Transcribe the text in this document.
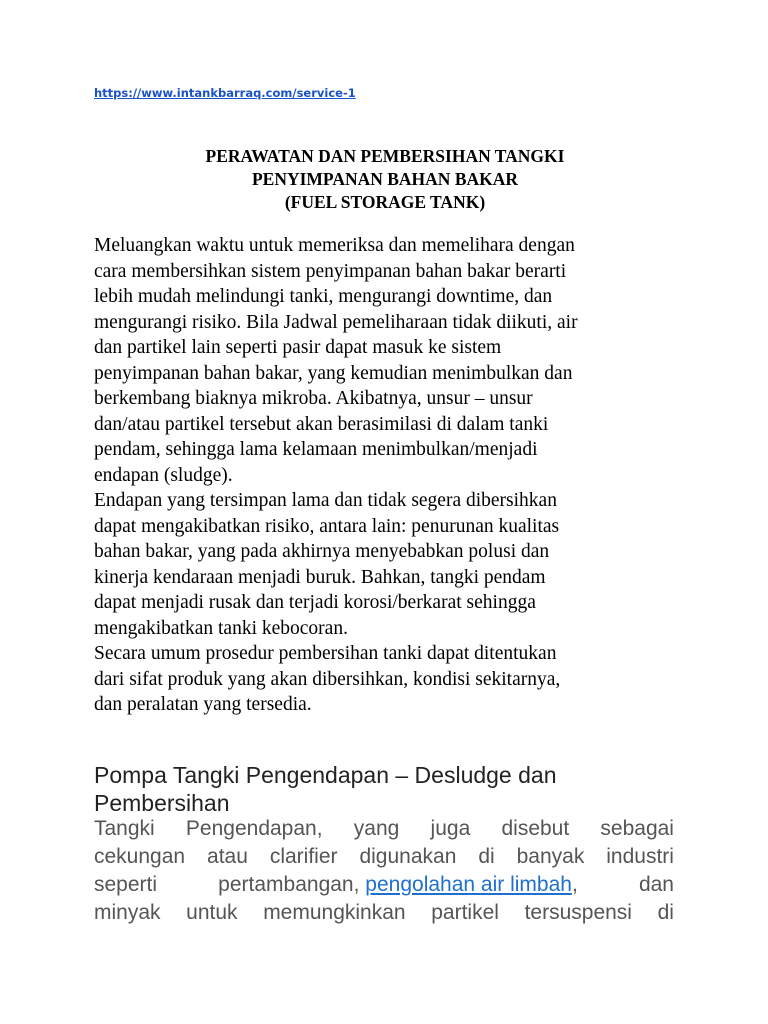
https://www.intankbarraq.com/service-1
PERAWATAN DAN PEMBERSIHAN TANGKI
PENYIMPANAN BAHAN BAKAR
(FUEL STORAGE TANK)
Meluangkan waktu untuk memeriksa dan memelihara dengan
cara membersihkan sistem penyimpanan bahan bakar berarti
lebih mudah melindungi tanki, mengurangi downtime, dan
mengurangi risiko. Bila Jadwal pemeliharaan tidak diikuti, air
dan partikel lain seperti pasir dapat masuk ke sistem
penyimpanan bahan bakar, yang kemudian menimbulkan dan
berkembang biaknya mikroba. Akibatnya, unsur – unsur
dan/atau partikel tersebut akan berasimilasi di dalam tanki
pendam, sehingga lama kelamaan menimbulkan/menjadi
endapan (sludge).
Endapan yang tersimpan lama dan tidak segera dibersihkan
dapat mengakibatkan risiko, antara lain: penurunan kualitas
bahan bakar, yang pada akhirnya menyebabkan polusi dan
kinerja kendaraan menjadi buruk. Bahkan, tangki pendam
dapat menjadi rusak dan terjadi korosi/berkarat sehingga
mengakibatkan tanki kebocoran.
Secara umum prosedur pembersihan tanki dapat ditentukan
dari sifat produk yang akan dibersihkan, kondisi sekitarnya,
dan peralatan yang tersedia.
Pompa Tangki Pengendapan – Desludge dan
Pembersihan
Tangki Pengendapan, yang juga disebut sebagai
cekungan atau clarifier digunakan di banyak industri
seperti	pertambangan, pengolahan air limbah,	dan
minyak untuk memungkinkan partikel tersuspensi di
